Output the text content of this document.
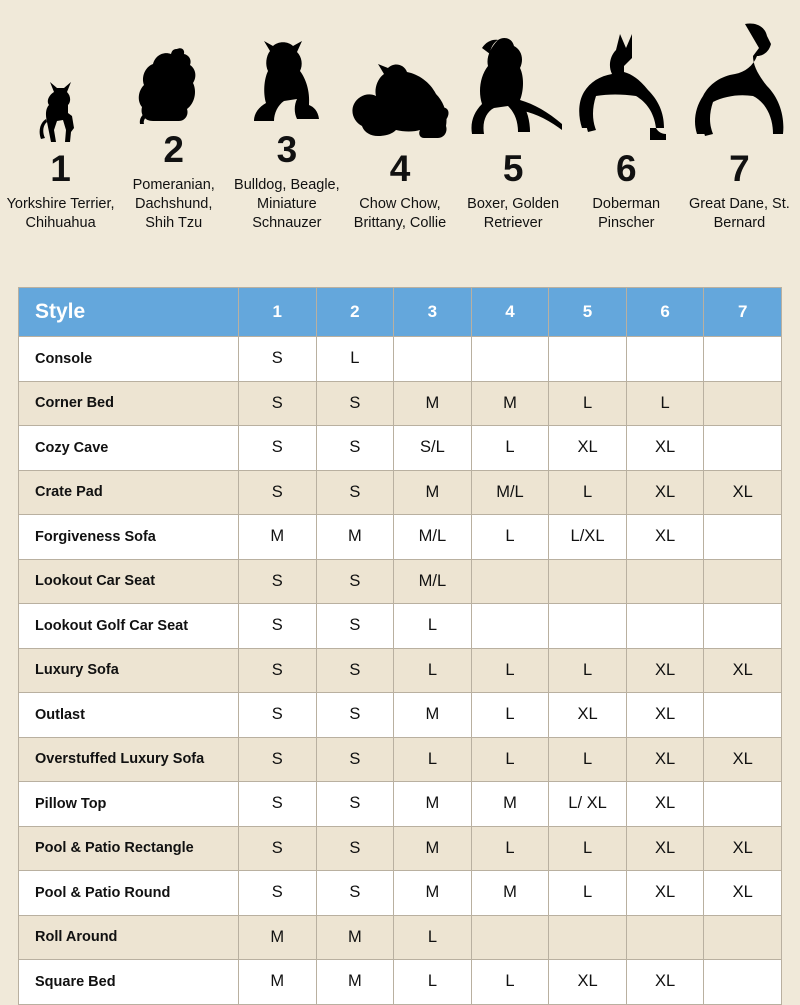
1
Yorkshire Terrier, Chihuahua
2
Pomeranian, Dachshund, Shih Tzu
3
Bulldog, Beagle, Miniature Schnauzer
4
Chow Chow, Brittany, Collie
5
Boxer, Golden Retriever
6
Doberman Pinscher
7
Great Dane, St. Bernard
Style	1	2	3	4	5	6	7
Console	S	L					
Corner Bed	S	S	M	M	L	L	
Cozy Cave	S	S	S/L	L	XL	XL	
Crate Pad	S	S	M	M/L	L	XL	XL
Forgiveness Sofa	M	M	M/L	L	L/XL	XL	
Lookout Car Seat	S	S	M/L				
Lookout Golf Car Seat	S	S	L				
Luxury Sofa	S	S	L	L	L	XL	XL
Outlast	S	S	M	L	XL	XL	
Overstuffed Luxury Sofa	S	S	L	L	L	XL	XL
Pillow Top	S	S	M	M	L/ XL	XL	
Pool & Patio Rectangle	S	S	M	L	L	XL	XL
Pool & Patio Round	S	S	M	M	L	XL	XL
Roll Around	M	M	L				
Square Bed	M	M	L	L	XL	XL	
